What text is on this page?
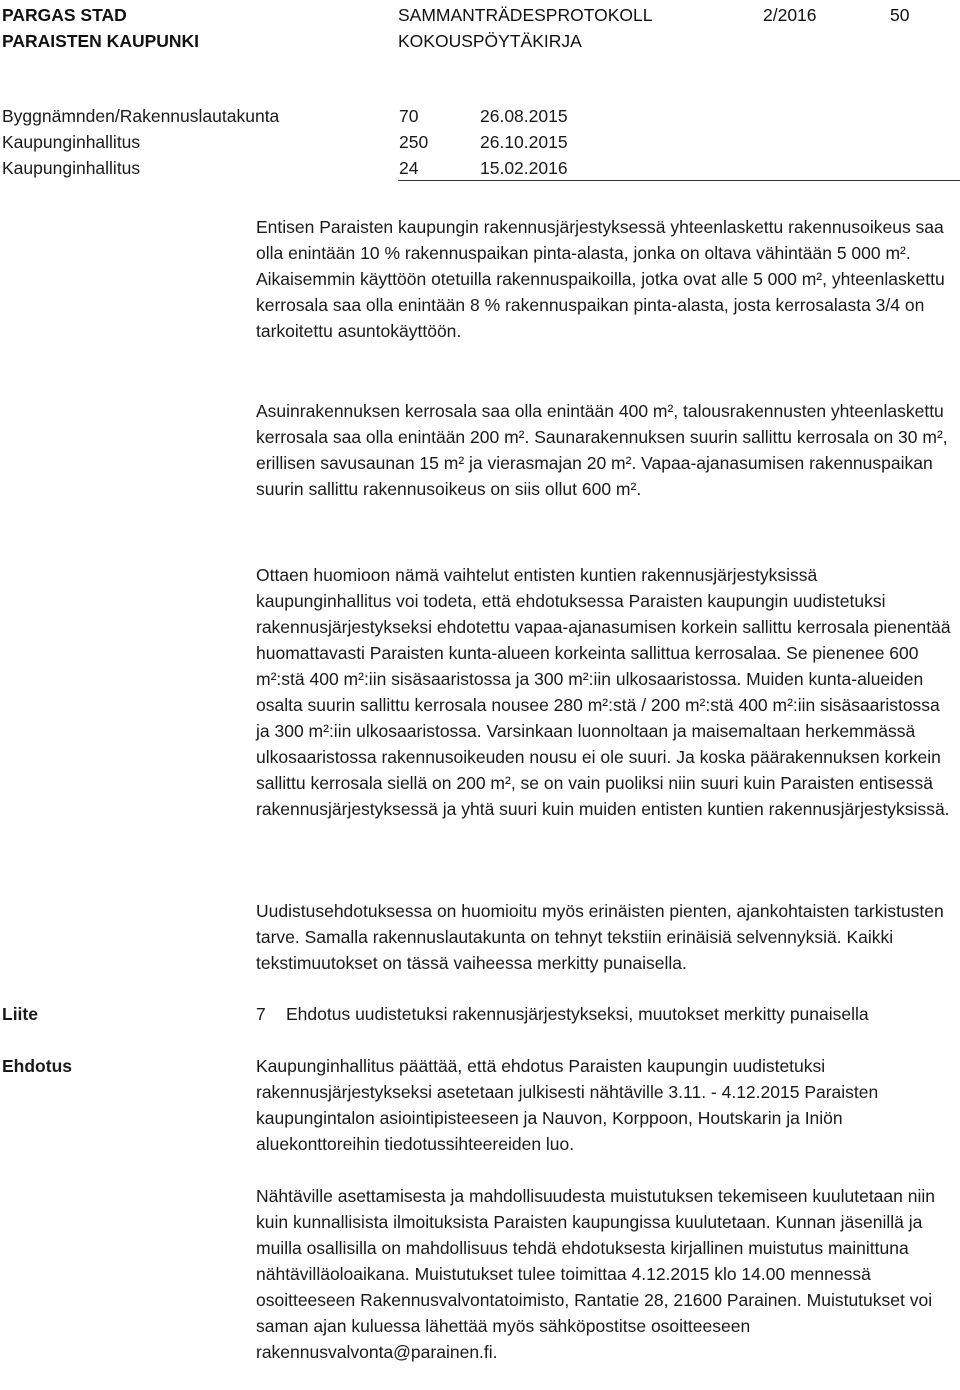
PARGAS STAD
PARAISTEN KAUPUNKI
SAMMANTRÄDESPROTOKOLL
KOKOUSPÖYTÄKIRJA
2/2016	50
Byggnämnden/Rakennuslautakunta	70	26.08.2015
Kaupunginhallitus	250	26.10.2015
Kaupunginhallitus	24	15.02.2016

Entisen Paraisten kaupungin rakennusjärjestyksessä yhteenlaskettu rakennusoikeus saa olla enintään 10 % rakennuspaikan pinta-alasta, jonka on oltava vähintään 5 000 m². Aikaisemmin käyttöön otetuilla rakennuspaikoilla, jotka ovat alle 5 000 m², yhteenlaskettu kerrosala saa olla enintään 8 % rakennuspaikan pinta-alasta, josta kerrosalasta 3/4 on tarkoitettu asuntokäyttöön.

Asuinrakennuksen kerrosala saa olla enintään 400 m², talousrakennusten yhteenlaskettu kerrosala saa olla enintään 200 m². Saunarakennuksen suurin sallittu kerrosala on 30 m², erillisen savusaunan 15 m² ja vierasmajan 20 m². Vapaa-ajanasumisen rakennuspaikan suurin sallittu rakennusoikeus on siis ollut 600 m².

Ottaen huomioon nämä vaihtelut entisten kuntien rakennusjärjestyksissä kaupunginhallitus voi todeta, että ehdotuksessa Paraisten kaupungin uudistetuksi rakennusjärjestykseksi ehdotettu vapaa-ajanasumisen korkein sallittu kerrosala pienentää huomattavasti Paraisten kunta-alueen korkeinta sallittua kerrosalaa. Se pienenee 600 m²:stä 400 m²:iin sisäsaaristossa ja 300 m²:iin ulkosaaristossa. Muiden kunta-alueiden osalta suurin sallittu kerrosala nousee 280 m²:stä / 200 m²:stä 400 m²:iin sisäsaaristossa ja 300 m²:iin ulkosaaristossa. Varsinkaan luonnoltaan ja maisemaltaan herkemmässä ulkosaaristossa rakennusoikeuden nousu ei ole suuri. Ja koska päärakennuksen korkein sallittu kerrosala siellä on 200 m², se on vain puoliksi niin suuri kuin Paraisten entisessä rakennusjärjestyksessä ja yhtä suuri kuin muiden entisten kuntien rakennusjärjestyksissä.

Uudistusehdotuksessa on huomioitu myös erinäisten pienten, ajankohtaisten tarkistusten tarve. Samalla rakennuslautakunta on tehnyt tekstiin erinäisiä selvennyksiä. Kaikki tekstimuutokset on tässä vaiheessa merkitty punaisella.

Liite	7 Ehdotus uudistetuksi rakennusjärjestykseksi, muutokset merkitty punaisella
Ehdotus	Kaupunginhallitus päättää, että ehdotus Paraisten kaupungin uudistetuksi rakennusjärjestykseksi asetetaan julkisesti nähtäville 3.11. - 4.12.2015 Paraisten kaupungintalon asiointipisteeseen ja Nauvon, Korppoon, Houtskarin ja Iniön aluekonttoreihin tiedotussihteereiden luo.

Nähtäville asettamisesta ja mahdollisuudesta muistutuksen tekemiseen kuulutetaan niin kuin kunnallisista ilmoituksista Paraisten kaupungissa kuulutetaan. Kunnan jäsenillä ja muilla osallisilla on mahdollisuus tehdä ehdotuksesta kirjallinen muistutus mainittuna nähtävilläoloaikana. Muistutukset tulee toimittaa 4.12.2015 klo 14.00 mennessä osoitteeseen Rakennusvalvontatoimisto, Rantatie 28, 21600 Parainen. Muistutukset voi saman ajan kuluessa lähettää myös sähköpostitse osoitteeseen rakennusvalvonta@parainen.fi.
